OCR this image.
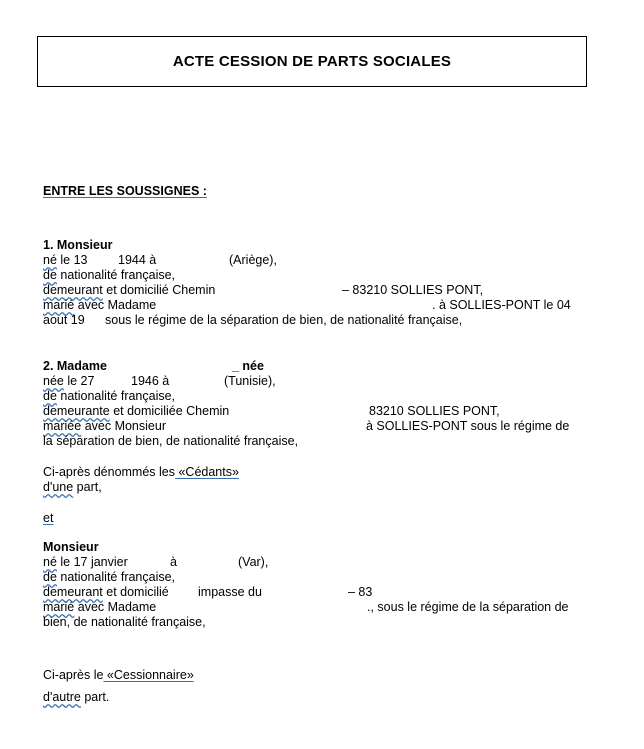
ACTE CESSION DE PARTS SOCIALES
ENTRE LES SOUSSIGNES :
1. Monsieur
né le 13 1944 à	(Ariège),
de nationalité française,
demeurant et domicilié Chemin	– 83210 SOLLIES PONT,
marié avec Madame	. à SOLLIES-PONT le 04
aout 19 sous le régime de la séparation de bien, de nationalité française,
2. Madame	_ née
née le 27	1946 à	(Tunisie),
de nationalité française,
demeurante et domiciliée Chemin	83210 SOLLIES PONT,
mariée avec Monsieur	à SOLLIES-PONT sous le régime de
la séparation de bien, de nationalité française,
Ci-après dénommés les «Cédants»
d'une part,
et
Monsieur
né le 17 janvier	à	(Var),
de nationalité française,
demeurant et domicilié impasse du	– 83
marié avec Madame	., sous le régime de la séparation de
bien, de nationalité française,
Ci-après le «Cessionnaire»
d'autre part.
